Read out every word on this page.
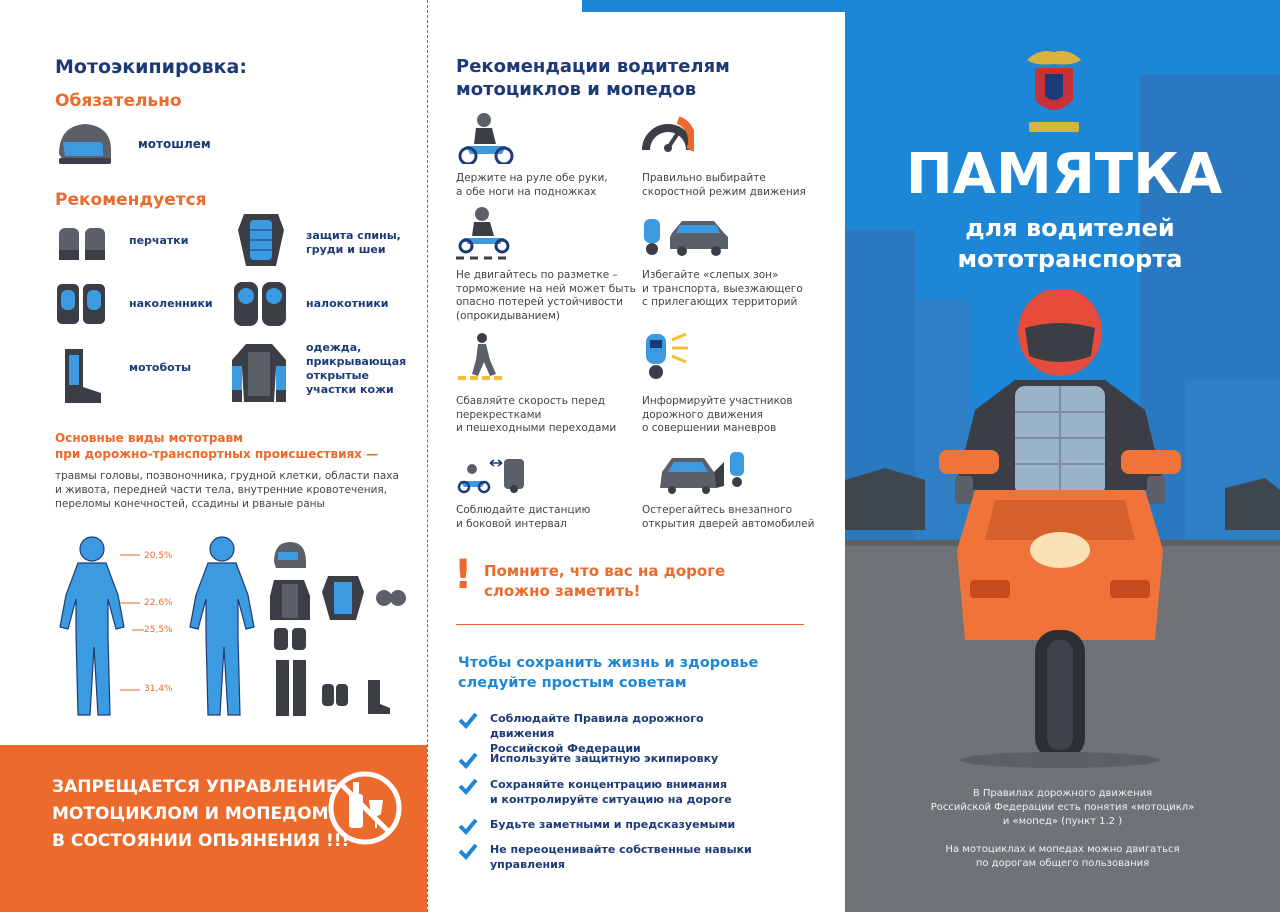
Мотоэкипировка:
Обязательно
мотошлем
Рекомендуется
перчатки	защита спины, груди и шеи
наколенники	налокотники
мотоботы
одежда, прикрывающая открытые участки кожи
Основные виды мототравм
при дорожно-транспортных происшествиях —
травмы головы, позвоночника, грудной клетки, области паха
и живота, передней части тела, внутренние кровотечения,
переломы конечностей, ссадины и рваные раны
20,5%
22,6%
25,5%
31,4%
ЗАПРЕЩАЕТСЯ УПРАВЛЕНИЕ
МОТОЦИКЛОМ И МОПЕДОМ
В СОСТОЯНИИ ОПЬЯНЕНИЯ !!!
Рекомендации водителям
мотоциклов и мопедов
Держите на руле обе руки,
а обе ноги на подножках
Правильно выбирайте
скоростной режим движения
Не двигайтесь по разметке –
торможение на ней может быть
опасно потерей устойчивости
(опрокидыванием)
Избегайте «слепых зон»
и транспорта, выезжающего
с прилегающих территорий
Сбавляйте скорость перед
перекрестками
и пешеходными переходами
Информируйте участников
дорожного движения
о совершении маневров
Соблюдайте дистанцию
и боковой интервал
Остерегайтесь внезапного
открытия дверей автомобилей
! Помните, что вас на дороге
сложно заметить!
Чтобы сохранить жизнь и здоровье
следуйте простым советам
Соблюдайте Правила дорожного движения
Российской Федерации
Используйте защитную экипировку
Сохраняйте концентрацию внимания
и контролируйте ситуацию на дороге
Будьте заметными и предсказуемыми
Не переоценивайте собственные навыки
управления
ПАМЯТКА
для водителей
мототранспорта
В Правилах дорожного движения
Российской Федерации есть понятия «мотоцикл»
и «мопед» (пункт 1.2 )
На мотоциклах и мопедах можно двигаться
по дорогам общего пользования
